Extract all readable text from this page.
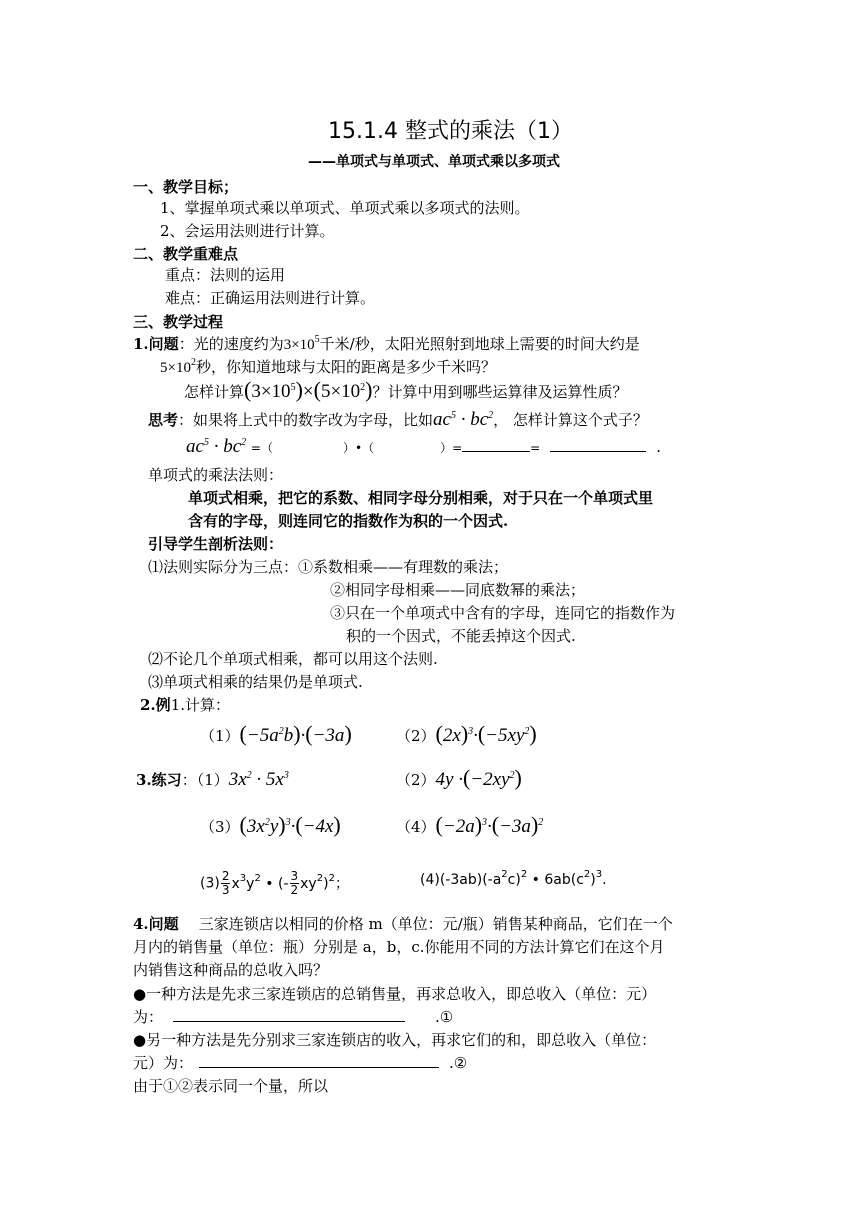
15.1.4 整式的乘法（1）
——单项式与单项式、单项式乘以多项式
一、教学目标；
1、掌握单项式乘以单项式、单项式乘以多项式的法则。
2、会运用法则进行计算。
二、教学重难点
重点：法则的运用
难点：正确运用法则进行计算。
三、教学过程
1.问题：光的速度约为$3\times 10^5$千米/秒，太阳光照射到地球上需要的时间大约是
$5\times 10^2$秒，你知道地球与太阳的距离是多少千米吗？
怎样计算$(3\times 10^5)\times(5\times 10^2)$？计算中用到哪些运算律及运算性质？
思考：如果将上式中的数字改为字母，比如$ac^5 \cdot bc^2$， 怎样计算这个式子？
$ac^5 \cdot bc^2$ =（	）•（	）=	=	.
单项式的乘法法则：
单项式相乘，把它的系数、相同字母分别相乘，对于只在一个单项式里
含有的字母，则连同它的指数作为积的一个因式.
引导学生剖析法则：
⑴法则实际分为三点：①系数相乘——有理数的乘法；
②相同字母相乘——同底数幂的乘法；
③只在一个单项式中含有的字母，连同它的指数作为
积的一个因式，不能丢掉这个因式.
⑵不论几个单项式相乘，都可以用这个法则.
⑶单项式相乘的结果仍是单项式.
2.例1.计算：
$(1)(-5a^2b)\cdot(-3a)$	$(2)(2x)^3\cdot(-5xy^2)$
3.练习：$(1)3x^2 \cdot 5x^3$	$(2)4y \cdot(-2xy^2)$
$(3)(3x^2y)^3\cdot(-4x)$	$(4)(-2a)^3\cdot(-3a)^2$
$(3) \frac{2}{3} x^3y^2$ • (- $\frac{3}{2} xy^2)^2$；	$(4)(-3ab)(-a^2c)^2$ • $6ab(c^2)^3$.
4.问题 三家连锁店以相同的价格 m（单位：元/瓶）销售某种商品，它们在一个
月内的销售量（单位：瓶）分别是 a，b，c.你能用不同的方法计算它们在这个月
内销售这种商品的总收入吗？
●一种方法是先求三家连锁店的总销售量，再求总收入，即总收入（单位：元）
为：	.①
●另一种方法是先分别求三家连锁店的收入，再求它们的和，即总收入（单位：
元）为：	.②
由于①②表示同一个量，所以
